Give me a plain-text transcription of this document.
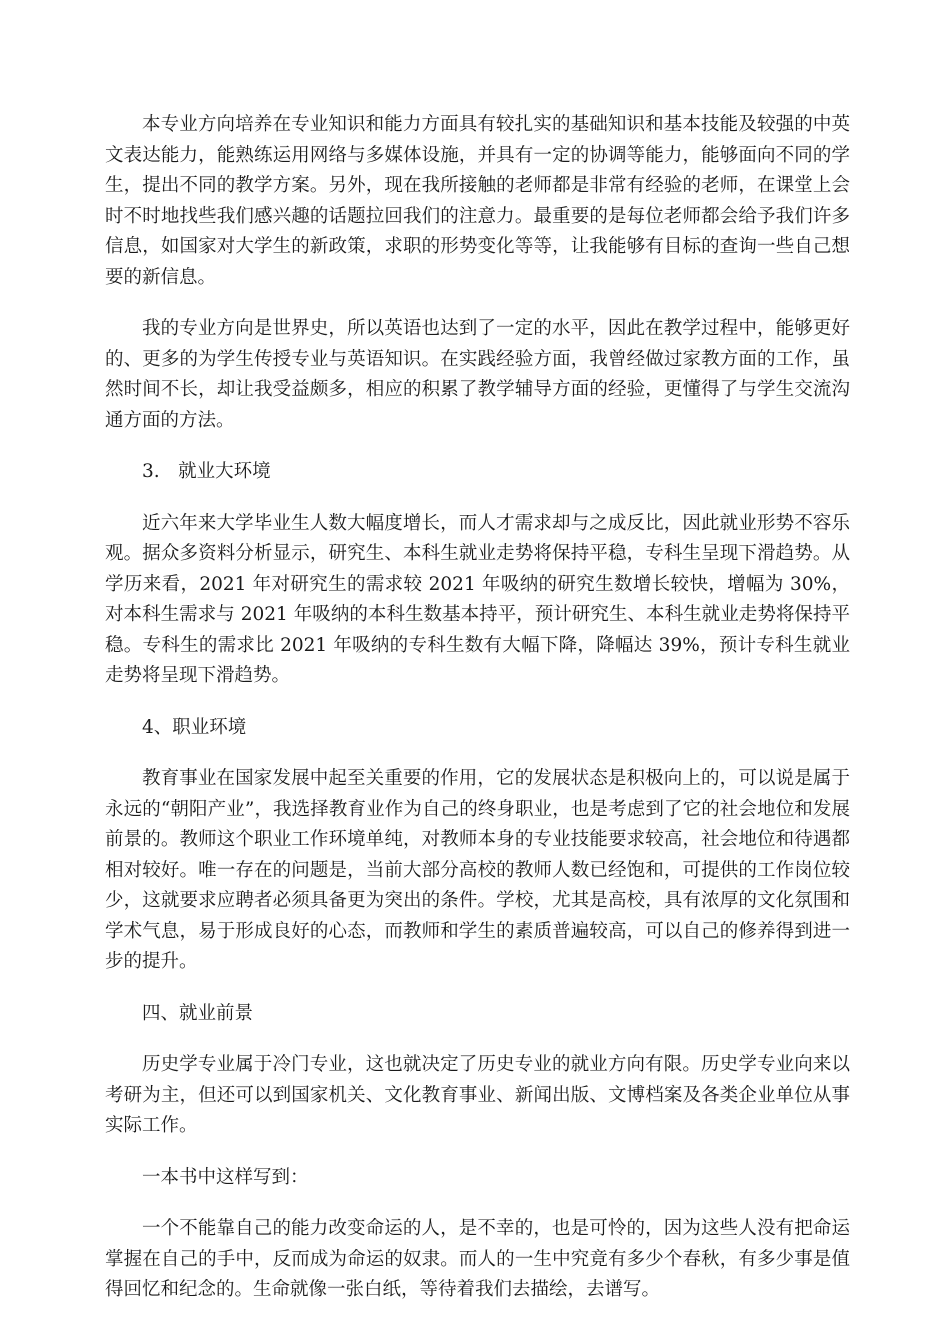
本专业方向培养在专业知识和能力方面具有较扎实的基础知识和基本技能及较强的中英文表达能力，能熟练运用网络与多媒体设施，并具有一定的协调等能力，能够面向不同的学生，提出不同的教学方案。另外，现在我所接触的老师都是非常有经验的老师，在课堂上会时不时地找些我们感兴趣的话题拉回我们的注意力。最重要的是每位老师都会给予我们许多信息，如国家对大学生的新政策，求职的形势变化等等，让我能够有目标的查询一些自己想要的新信息。

我的专业方向是世界史，所以英语也达到了一定的水平，因此在教学过程中，能够更好的、更多的为学生传授专业与英语知识。在实践经验方面，我曾经做过家教方面的工作，虽然时间不长，却让我受益颇多，相应的积累了教学辅导方面的经验，更懂得了与学生交流沟通方面的方法。

3.　就业大环境

近六年来大学毕业生人数大幅度增长，而人才需求却与之成反比，因此就业形势不容乐观。据众多资料分析显示，研究生、本科生就业走势将保持平稳，专科生呈现下滑趋势。从学历来看，2021 年对研究生的需求较 2021 年吸纳的研究生数增长较快，增幅为 30%，对本科生需求与 2021 年吸纳的本科生数基本持平，预计研究生、本科生就业走势将保持平稳。专科生的需求比 2021 年吸纳的专科生数有大幅下降，降幅达 39%，预计专科生就业走势将呈现下滑趋势。

4、职业环境

教育事业在国家发展中起至关重要的作用，它的发展状态是积极向上的，可以说是属于永远的“朝阳产业”，我选择教育业作为自己的终身职业，也是考虑到了它的社会地位和发展前景的。教师这个职业工作环境单纯，对教师本身的专业技能要求较高，社会地位和待遇都相对较好。唯一存在的问题是，当前大部分高校的教师人数已经饱和，可提供的工作岗位较少，这就要求应聘者必须具备更为突出的条件。学校，尤其是高校，具有浓厚的文化氛围和学术气息，易于形成良好的心态，而教师和学生的素质普遍较高，可以自己的修养得到进一步的提升。

四、就业前景

历史学专业属于冷门专业，这也就决定了历史专业的就业方向有限。历史学专业向来以考研为主，但还可以到国家机关、文化教育事业、新闻出版、文博档案及各类企业单位从事实际工作。

一本书中这样写到：

一个不能靠自己的能力改变命运的人，是不幸的，也是可怜的，因为这些人没有把命运掌握在自己的手中，反而成为命运的奴隶。而人的一生中究竟有多少个春秋，有多少事是值得回忆和纪念的。生命就像一张白纸，等待着我们去描绘，去谱写。
